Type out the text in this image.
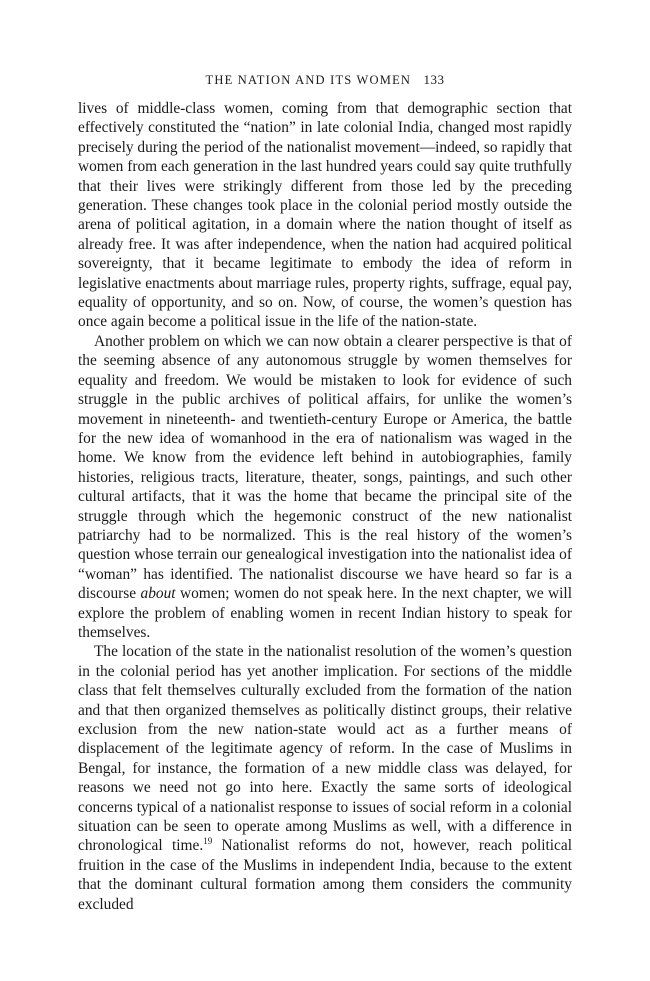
THE NATION AND ITS WOMEN 133

lives of middle-class women, coming from that demographic section that effectively constituted the “nation” in late colonial India, changed most rapidly precisely during the period of the nationalist movement—indeed, so rapidly that women from each generation in the last hundred years could say quite truthfully that their lives were strikingly different from those led by the preceding generation. These changes took place in the colonial period mostly outside the arena of political agitation, in a domain where the nation thought of itself as already free. It was after independence, when the nation had acquired political sovereignty, that it became legitimate to embody the idea of reform in legislative enactments about marriage rules, property rights, suffrage, equal pay, equality of opportunity, and so on. Now, of course, the women’s question has once again become a political issue in the life of the nation-state.

Another problem on which we can now obtain a clearer perspective is that of the seeming absence of any autonomous struggle by women themselves for equality and freedom. We would be mistaken to look for evidence of such struggle in the public archives of political affairs, for unlike the women’s movement in nineteenth- and twentieth-century Europe or America, the battle for the new idea of womanhood in the era of nationalism was waged in the home. We know from the evidence left behind in autobiographies, family histories, religious tracts, literature, theater, songs, paintings, and such other cultural artifacts, that it was the home that became the principal site of the struggle through which the hegemonic construct of the new nationalist patriarchy had to be normalized. This is the real history of the women’s question whose terrain our genealogical investigation into the nationalist idea of “woman” has identified. The nationalist discourse we have heard so far is a discourse about women; women do not speak here. In the next chapter, we will explore the problem of enabling women in recent Indian history to speak for themselves.

The location of the state in the nationalist resolution of the women’s question in the colonial period has yet another implication. For sections of the middle class that felt themselves culturally excluded from the formation of the nation and that then organized themselves as politically distinct groups, their relative exclusion from the new nation-state would act as a further means of displacement of the legitimate agency of reform. In the case of Muslims in Bengal, for instance, the formation of a new middle class was delayed, for reasons we need not go into here. Exactly the same sorts of ideological concerns typical of a nationalist response to issues of social reform in a colonial situation can be seen to operate among Muslims as well, with a difference in chronological time.$^{19}$ Nationalist reforms do not, however, reach political fruition in the case of the Muslims in independent India, because to the extent that the dominant cultural formation among them considers the community excluded
